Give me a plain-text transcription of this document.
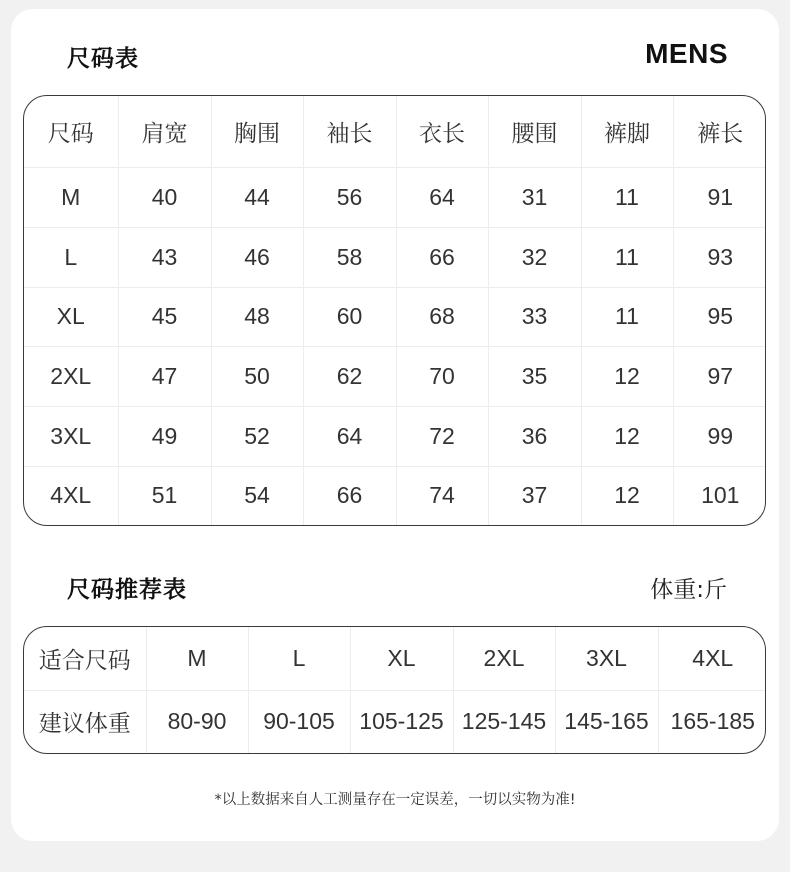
尺码表	MENS
尺码	肩宽	胸围	袖长	衣长	腰围	裤脚	裤长
M	40	44	56	64	31	11	91
L	43	46	58	66	32	11	93
XL	45	48	60	68	33	11	95
2XL	47	50	62	70	35	12	97
3XL	49	52	64	72	36	12	99
4XL	51	54	66	74	37	12	101
尺码推荐表	体重:斤
适合尺码	M	L	XL	2XL	3XL	4XL
建议体重	80-90	90-105	105-125	125-145	145-165	165-185
*以上数据来自人工测量存在一定误差，一切以实物为准!
